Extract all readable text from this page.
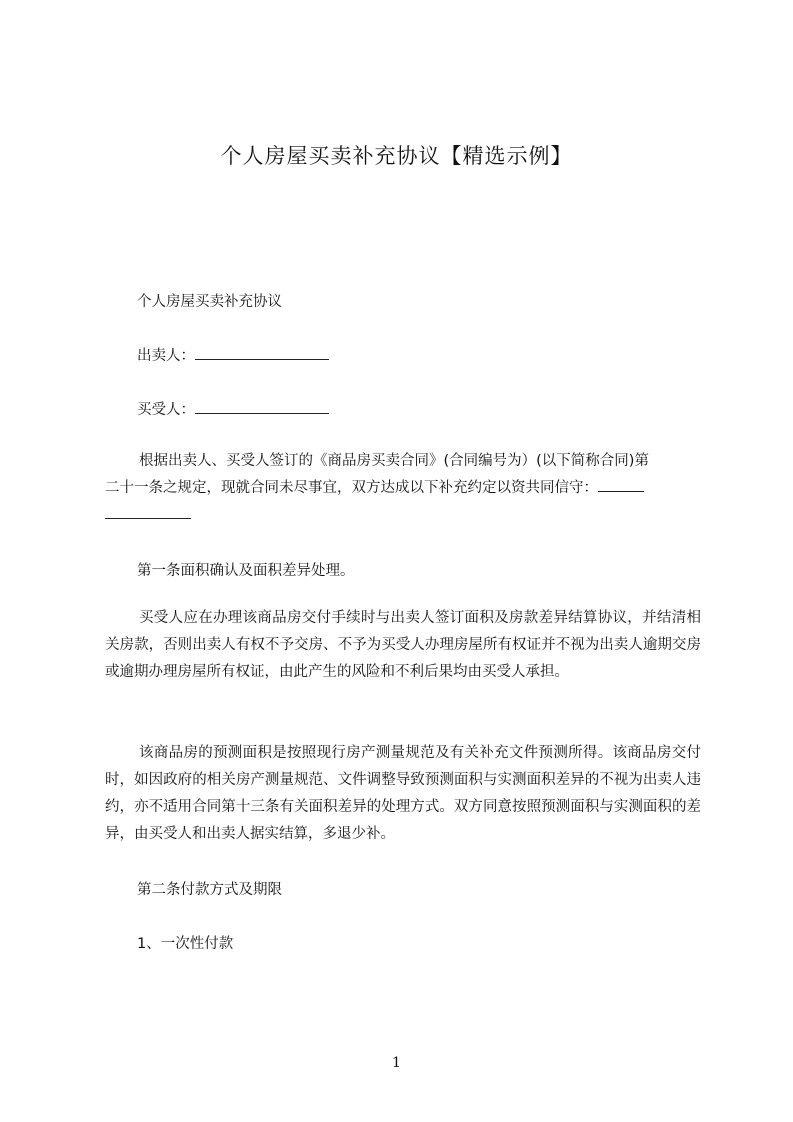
个人房屋买卖补充协议【精选示例】
个人房屋买卖补充协议
出卖人：
买受人：
根据出卖人、买受人签订的《商品房买卖合同》(合同编号为）(以下简称合同)第
二十一条之规定，现就合同未尽事宜，双方达成以下补充约定以资共同信守：
第一条面积确认及面积差异处理。
买受人应在办理该商品房交付手续时与出卖人签订面积及房款差异结算协议，并结清相关房款，否则出卖人有权不予交房、不予为买受人办理房屋所有权证并不视为出卖人逾期交房或逾期办理房屋所有权证，由此产生的风险和不利后果均由买受人承担。
该商品房的预测面积是按照现行房产测量规范及有关补充文件预测所得。该商品房交付时，如因政府的相关房产测量规范、文件调整导致预测面积与实测面积差异的不视为出卖人违约，亦不适用合同第十三条有关面积差异的处理方式。双方同意按照预测面积与实测面积的差异，由买受人和出卖人据实结算，多退少补。
第二条付款方式及期限
1、一次性付款
1
